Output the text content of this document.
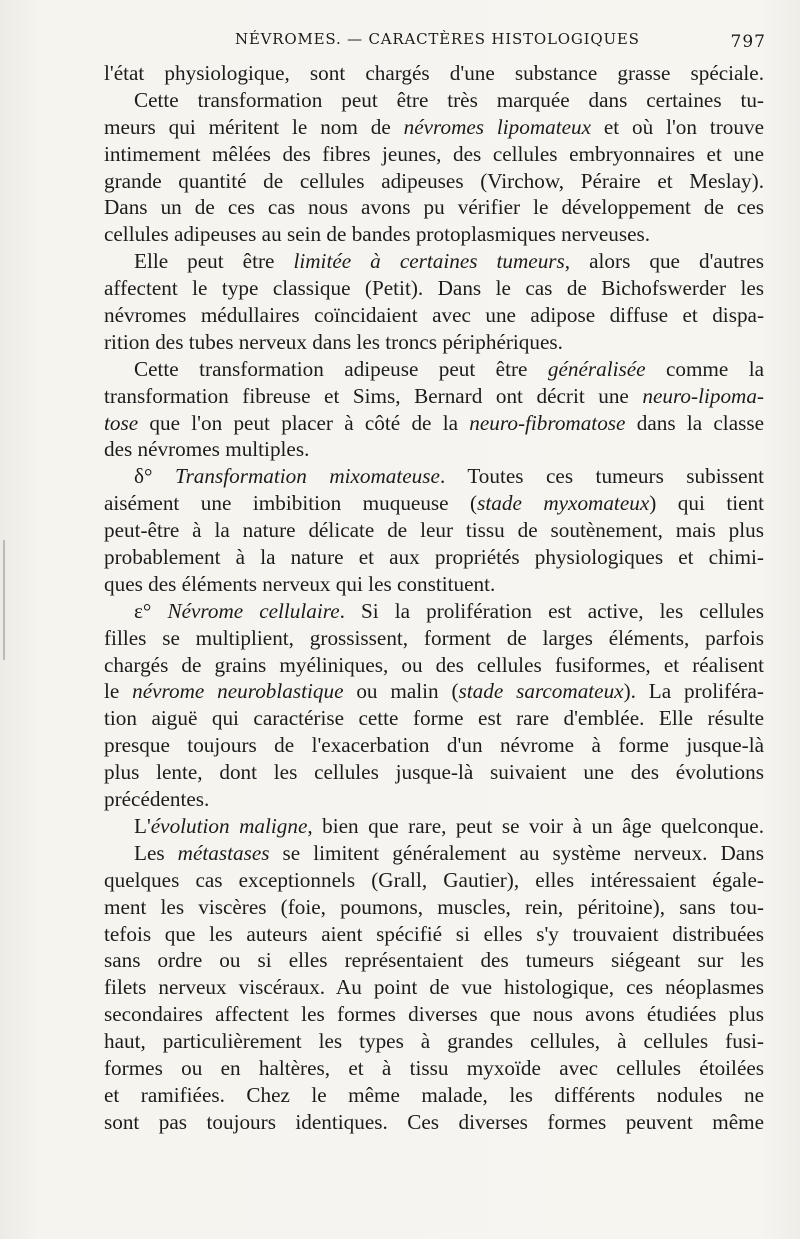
NÉVROMES. — CARACTÈRES HISTOLOGIQUES	797
l'état physiologique, sont chargés d'une substance grasse spéciale.
Cette transformation peut être très marquée dans certaines tu-
meurs qui méritent le nom de névromes lipomateux et où l'on trouve
intimement mêlées des fibres jeunes, des cellules embryonnaires et une
grande quantité de cellules adipeuses (Virchow, Péraire et Meslay).
Dans un de ces cas nous avons pu vérifier le développement de ces
cellules adipeuses au sein de bandes protoplasmiques nerveuses.
Elle peut être limitée à certaines tumeurs, alors que d'autres
affectent le type classique (Petit). Dans le cas de Bichofswerder les
névromes médullaires coïncidaient avec une adipose diffuse et dispa-
rition des tubes nerveux dans les troncs périphériques.
Cette transformation adipeuse peut être généralisée comme la
transformation fibreuse et Sims, Bernard ont décrit une neuro-lipoma-
tose que l'on peut placer à côté de la neuro-fibromatose dans la classe
des névromes multiples.
δ° Transformation mixomateuse. Toutes ces tumeurs subissent
aisément une imbibition muqueuse (stade myxomateux) qui tient
peut-être à la nature délicate de leur tissu de soutènement, mais plus
probablement à la nature et aux propriétés physiologiques et chimi-
ques des éléments nerveux qui les constituent.
ε° Névrome cellulaire. Si la prolifération est active, les cellules
filles se multiplient, grossissent, forment de larges éléments, parfois
chargés de grains myéliniques, ou des cellules fusiformes, et réalisent
le névrome neuroblastique ou malin (stade sarcomateux). La proliféra-
tion aiguë qui caractérise cette forme est rare d'emblée. Elle résulte
presque toujours de l'exacerbation d'un névrome à forme jusque-là
plus lente, dont les cellules jusque-là suivaient une des évolutions
précédentes.
L'évolution maligne, bien que rare, peut se voir à un âge quelconque.
Les métastases se limitent généralement au système nerveux. Dans
quelques cas exceptionnels (Grall, Gautier), elles intéressaient égale-
ment les viscères (foie, poumons, muscles, rein, péritoine), sans tou-
tefois que les auteurs aient spécifié si elles s'y trouvaient distribuées
sans ordre ou si elles représentaient des tumeurs siégeant sur les
filets nerveux viscéraux. Au point de vue histologique, ces néoplasmes
secondaires affectent les formes diverses que nous avons étudiées plus
haut, particulièrement les types à grandes cellules, à cellules fusi-
formes ou en haltères, et à tissu myxoïde avec cellules étoilées
et ramifiées. Chez le même malade, les différents nodules ne
sont pas toujours identiques. Ces diverses formes peuvent même
